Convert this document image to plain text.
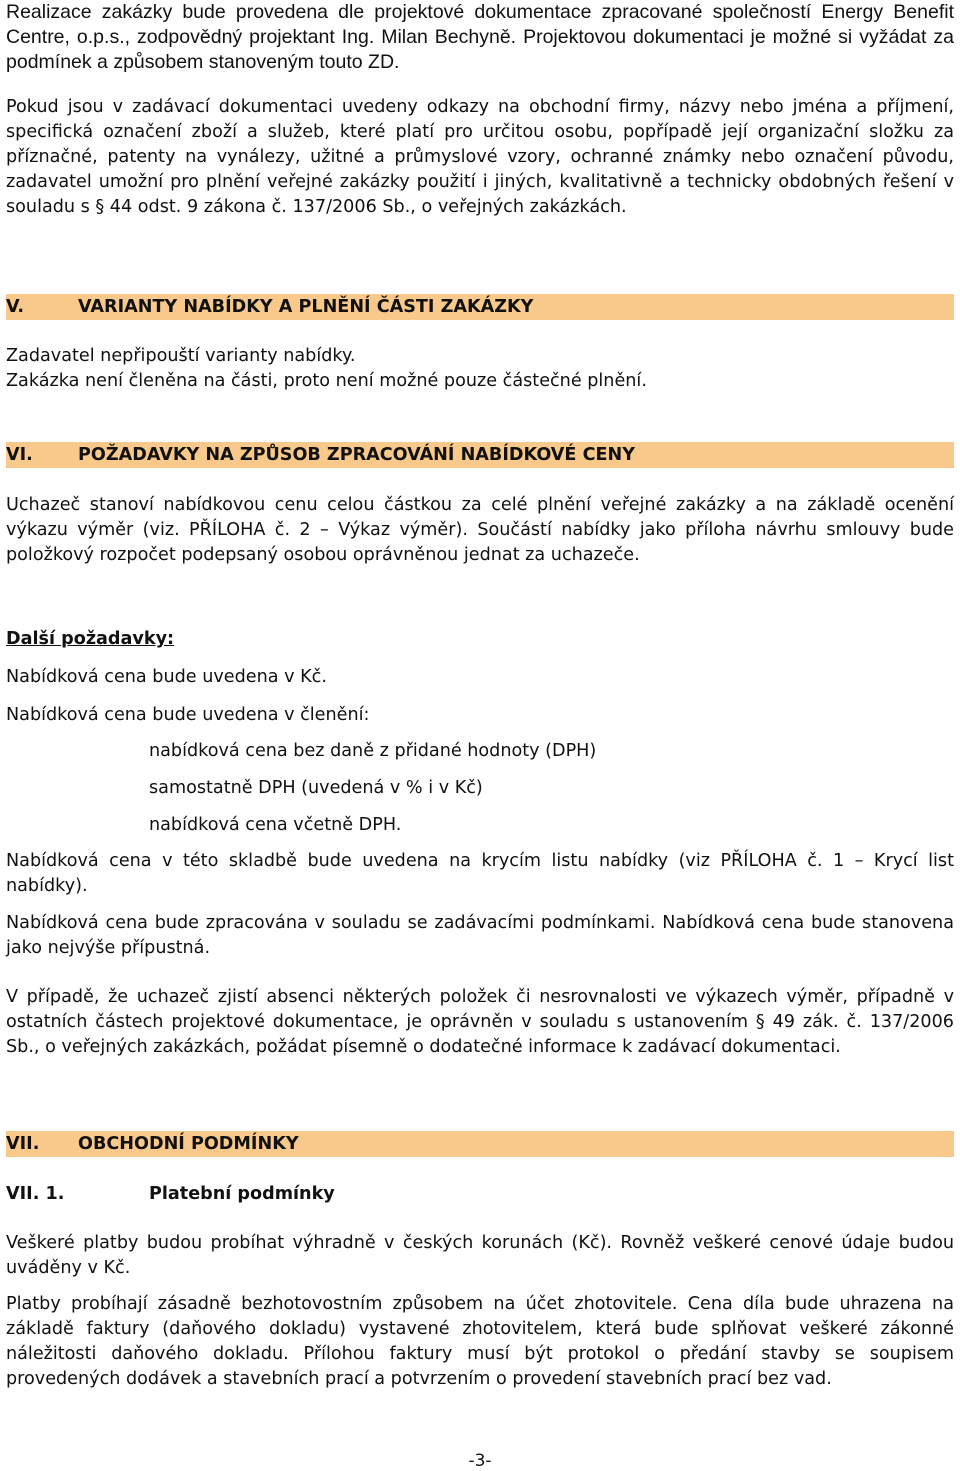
Realizace zakázky bude provedena dle projektové dokumentace zpracované společností Energy Benefit Centre, o.p.s., zodpovědný projektant Ing. Milan Bechyně. Projektovou dokumentaci je možné si vyžádat za podmínek a způsobem stanoveným touto ZD.

Pokud jsou v zadávací dokumentaci uvedeny odkazy na obchodní firmy, názvy nebo jména a příjmení, specifická označení zboží a služeb, které platí pro určitou osobu, popřípadě její organizační složku za příznačné, patenty na vynálezy, užitné a průmyslové vzory, ochranné známky nebo označení původu, zadavatel umožní pro plnění veřejné zakázky použití i jiných, kvalitativně a technicky obdobných řešení v souladu s § 44 odst. 9 zákona č. 137/2006 Sb., o veřejných zakázkách.

V.	VARIANTY NABÍDKY A PLNĚNÍ ČÁSTI ZAKÁZKY

Zadavatel nepřipouští varianty nabídky.

Zakázka není členěna na části, proto není možné pouze částečné plnění.

VI.	POŽADAVKY NA ZPŮSOB ZPRACOVÁNÍ NABÍDKOVÉ CENY

Uchazeč stanoví nabídkovou cenu celou částkou za celé plnění veřejné zakázky a na základě ocenění výkazu výměr (viz. PŘÍLOHA č. 2 – Výkaz výměr). Součástí nabídky jako příloha návrhu smlouvy bude položkový rozpočet podepsaný osobou oprávněnou jednat za uchazeče.

Další požadavky:

Nabídková cena bude uvedena v Kč.

Nabídková cena bude uvedena v členění:

nabídková cena bez daně z přidané hodnoty (DPH)

samostatně DPH (uvedená v % i v Kč)

nabídková cena včetně DPH.

Nabídková cena v této skladbě bude uvedena na krycím listu nabídky (viz PŘÍLOHA č. 1 – Krycí list nabídky).

Nabídková cena bude zpracována v souladu se zadávacími podmínkami. Nabídková cena bude stanovena jako nejvýše přípustná.

V případě, že uchazeč zjistí absenci některých položek či nesrovnalosti ve výkazech výměr, případně v ostatních částech projektové dokumentace, je oprávněn v souladu s ustanovením § 49 zák. č. 137/2006 Sb., o veřejných zakázkách, požádat písemně o dodatečné informace k zadávací dokumentaci.

VII.	OBCHODNÍ PODMÍNKY
VII. 1.	Platební podmínky

Veškeré platby budou probíhat výhradně v českých korunách (Kč). Rovněž veškeré cenové údaje budou uváděny v Kč.

Platby probíhají zásadně bezhotovostním způsobem na účet zhotovitele. Cena díla bude uhrazena na základě faktury (daňového dokladu) vystavené zhotovitelem, která bude splňovat veškeré zákonné náležitosti daňového dokladu. Přílohou faktury musí být protokol o předání stavby se soupisem provedených dodávek a stavebních prací a potvrzením o provedení stavebních prací bez vad.

-3-
